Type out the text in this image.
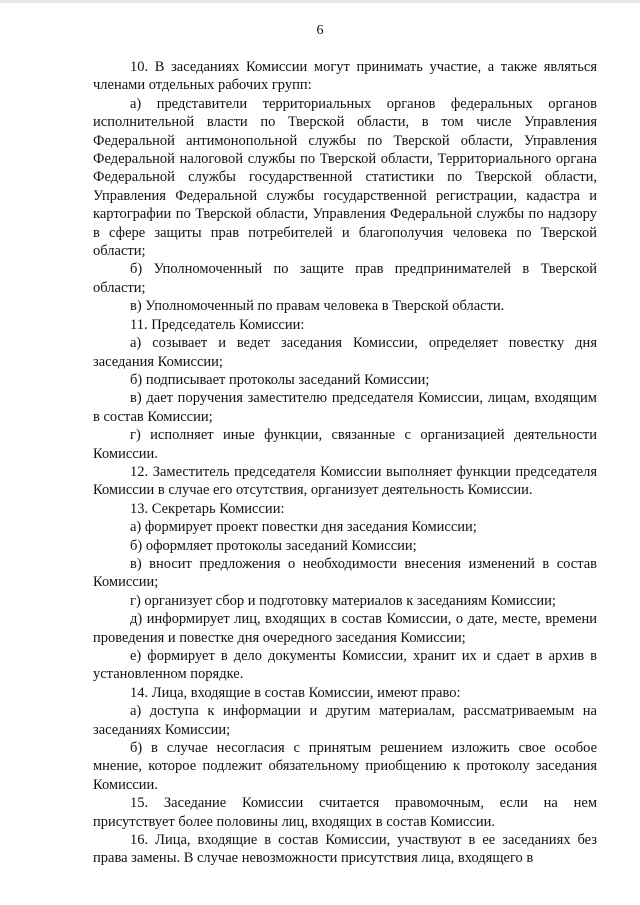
6

10. В заседаниях Комиссии могут принимать участие, а также являться членами отдельных рабочих групп:

а) представители территориальных органов федеральных органов исполнительной власти по Тверской области, в том числе Управления Федеральной антимонопольной службы по Тверской области, Управления Федеральной налоговой службы по Тверской области, Территориального органа Федеральной службы государственной статистики по Тверской области, Управления Федеральной службы государственной регистрации, кадастра и картографии по Тверской области, Управления Федеральной службы по надзору в сфере защиты прав потребителей и благополучия человека по Тверской области;

б) Уполномоченный по защите прав предпринимателей в Тверской области;

в) Уполномоченный по правам человека в Тверской области.

11. Председатель Комиссии:

а) созывает и ведет заседания Комиссии, определяет повестку дня заседания Комиссии;

б) подписывает протоколы заседаний Комиссии;

в) дает поручения заместителю председателя Комиссии, лицам, входящим в состав Комиссии;

г) исполняет иные функции, связанные с организацией деятельности Комиссии.

12. Заместитель председателя Комиссии выполняет функции председателя Комиссии в случае его отсутствия, организует деятельность Комиссии.

13. Секретарь Комиссии:

а) формирует проект повестки дня заседания Комиссии;

б) оформляет протоколы заседаний Комиссии;

в) вносит предложения о необходимости внесения изменений в состав Комиссии;

г) организует сбор и подготовку материалов к заседаниям Комиссии;

д) информирует лиц, входящих в состав Комиссии, о дате, месте, времени проведения и повестке дня очередного заседания Комиссии;

е) формирует в дело документы Комиссии, хранит их и сдает в архив в установленном порядке.

14. Лица, входящие в состав Комиссии, имеют право:

а) доступа к информации и другим материалам, рассматриваемым на заседаниях Комиссии;

б) в случае несогласия с принятым решением изложить свое особое мнение, которое подлежит обязательному приобщению к протоколу заседания Комиссии.

15. Заседание Комиссии считается правомочным, если на нем присутствует более половины лиц, входящих в состав Комиссии.

16. Лица, входящие в состав Комиссии, участвуют в ее заседаниях без права замены. В случае невозможности присутствия лица, входящего в
